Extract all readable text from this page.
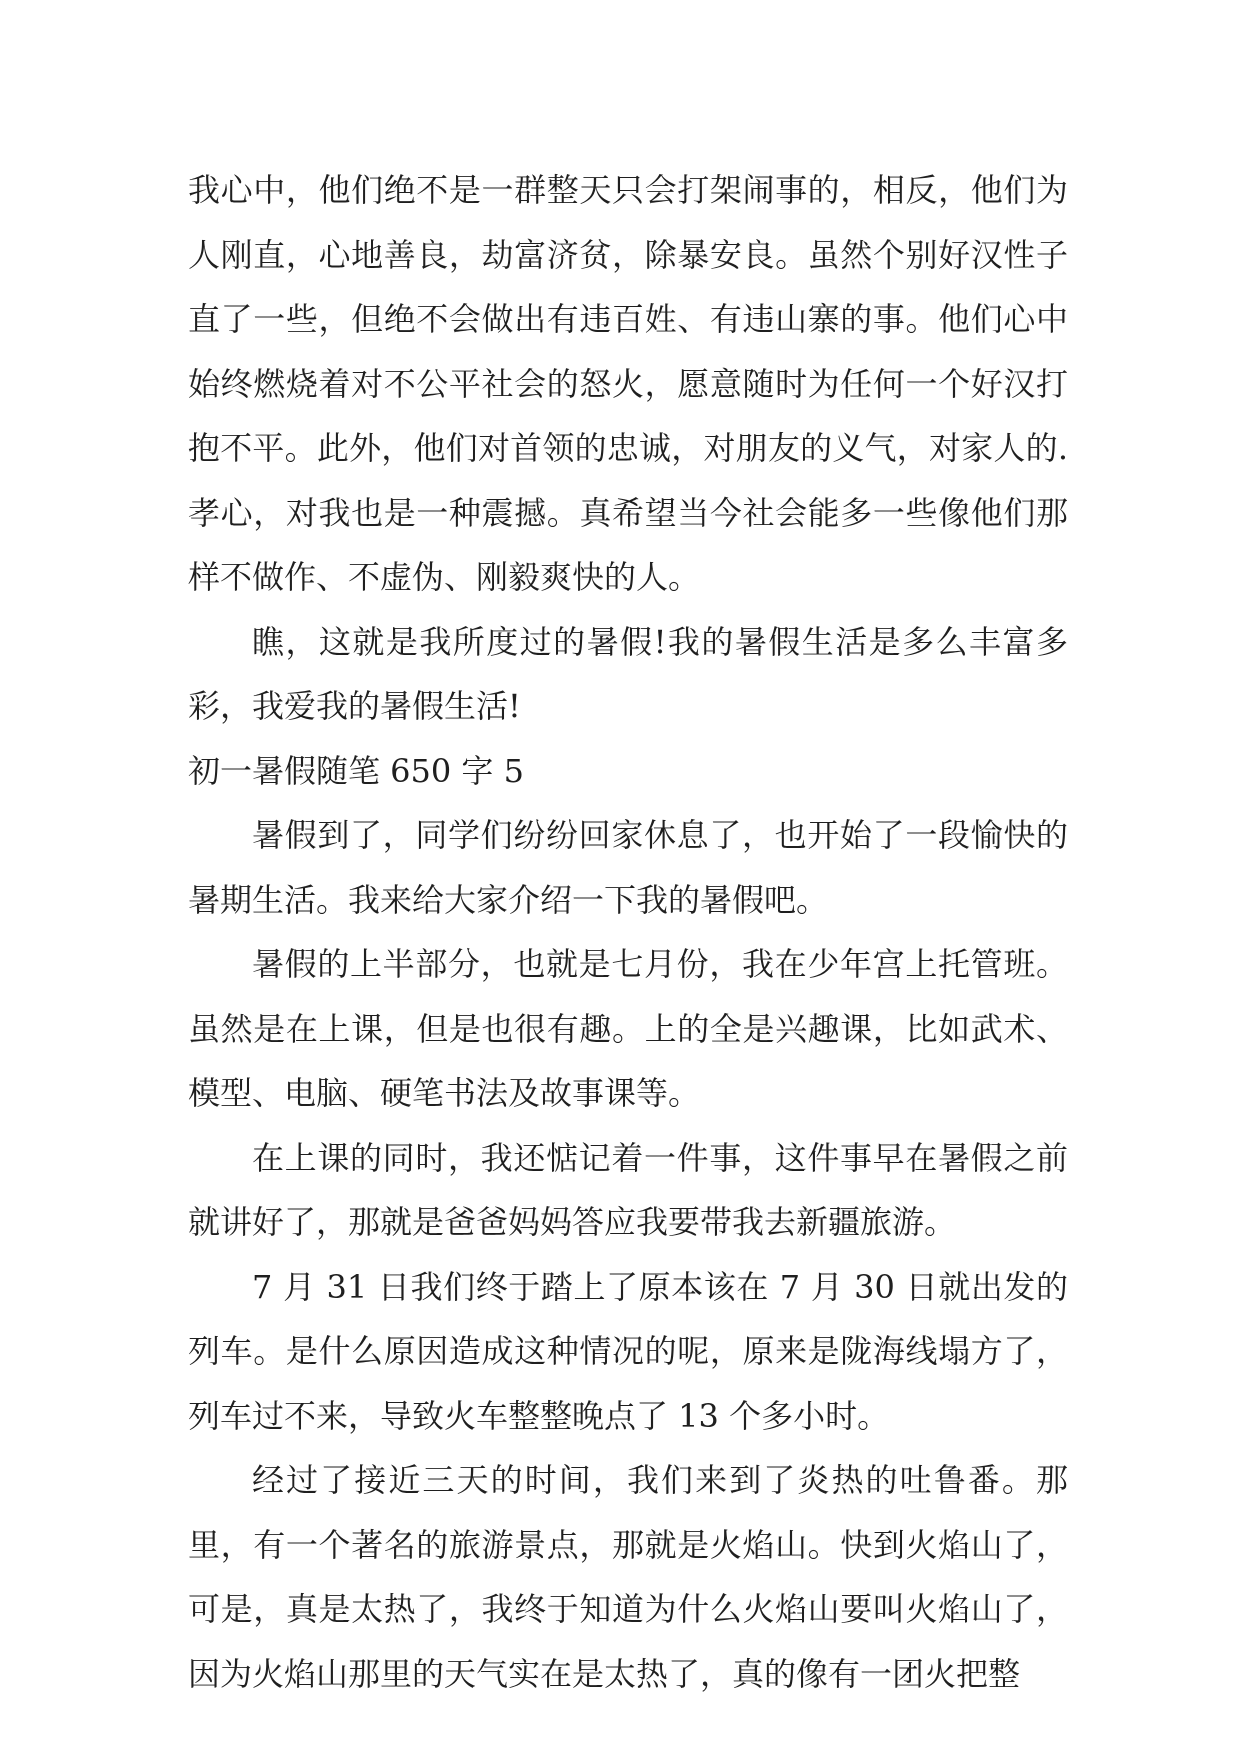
我心中，他们绝不是一群整天只会打架闹事的，相反，他们为人刚直，心地善良，劫富济贫，除暴安良。虽然个别好汉性子直了一些，但绝不会做出有违百姓、有违山寨的事。他们心中始终燃烧着对不公平社会的怒火，愿意随时为任何一个好汉打抱不平。此外，他们对首领的忠诚，对朋友的义气，对家人的.孝心，对我也是一种震撼。真希望当今社会能多一些像他们那样不做作、不虚伪、刚毅爽快的人。

瞧，这就是我所度过的暑假!我的暑假生活是多么丰富多彩，我爱我的暑假生活!

初一暑假随笔 650 字 5

暑假到了，同学们纷纷回家休息了，也开始了一段愉快的暑期生活。我来给大家介绍一下我的暑假吧。

暑假的上半部分，也就是七月份，我在少年宫上托管班。虽然是在上课，但是也很有趣。上的全是兴趣课，比如武术、模型、电脑、硬笔书法及故事课等。

在上课的同时，我还惦记着一件事，这件事早在暑假之前就讲好了，那就是爸爸妈妈答应我要带我去新疆旅游。

7 月 31 日我们终于踏上了原本该在 7 月 30 日就出发的列车。是什么原因造成这种情况的呢，原来是陇海线塌方了，列车过不来，导致火车整整晚点了 13 个多小时。

经过了接近三天的时间，我们来到了炎热的吐鲁番。那里，有一个著名的旅游景点，那就是火焰山。快到火焰山了，可是，真是太热了，我终于知道为什么火焰山要叫火焰山了，因为火焰山那里的天气实在是太热了，真的像有一团火把整
